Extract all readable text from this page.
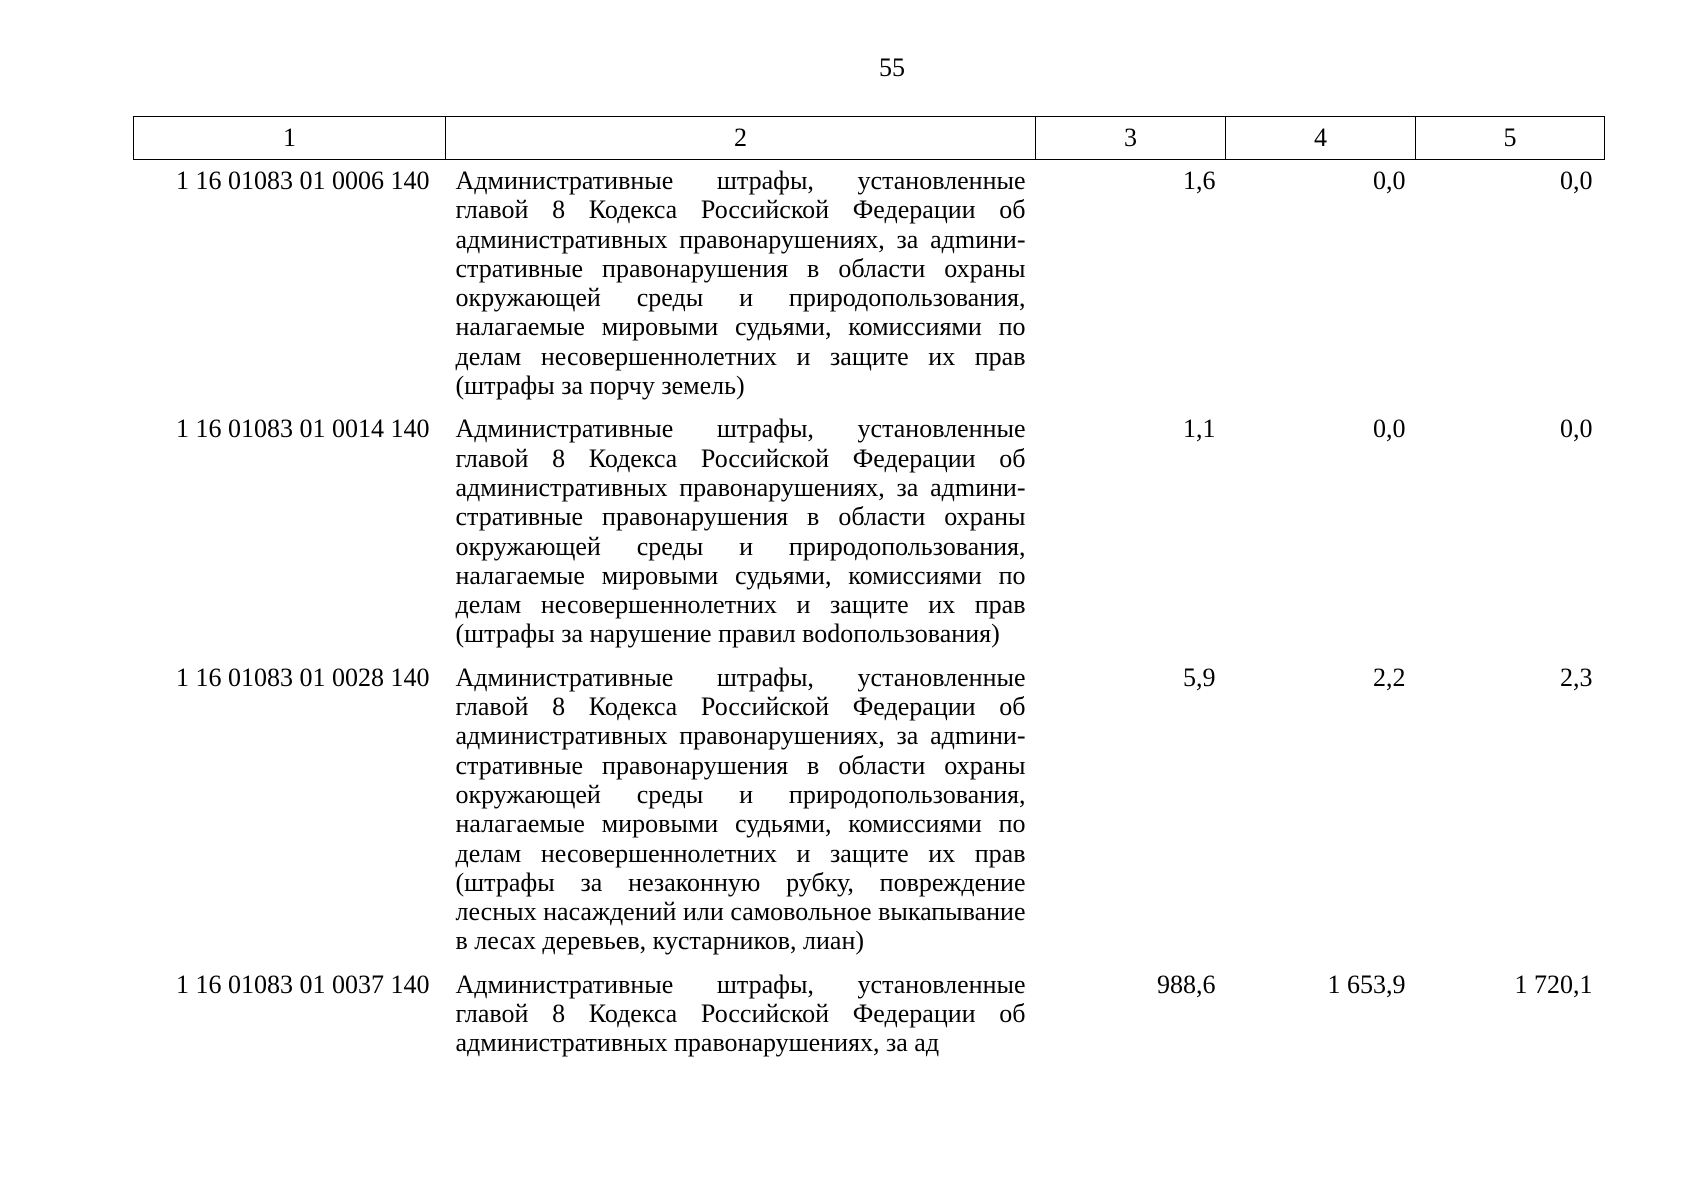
55
1	2	3	4	5
1 16 01083 01 0006 140	Административные штрафы, установленные главой 8 Кодекса Российской Федерации об административных правонарушениях, за адmинистративные правонарушения в области охраны окружающей среды и природопользования, налагаемые мировыми судьями, комиссиями по делам несовершеннолетних и защите их прав (штрафы за порчу земель)	1,6	0,0	0,0
1 16 01083 01 0014 140	Административные штрафы, установленные главой 8 Кодекса Российской Федерации об административных правонарушениях, за адmинистративные правонарушения в области охраны окружающей среды и природопользования, налагаемые мировыми судьями, комиссиями по делам несовершеннолетних и защите их прав (штрафы за нарушение правил воdопользования)	1,1	0,0	0,0
1 16 01083 01 0028 140	Административные штрафы, установленные главой 8 Кодекса Российской Федерации об административных правонарушениях, за адmинистративные правонарушения в области охраны окружающей среды и природопользования, налагаемые мировыми судьями, комиссиями по делам несовершеннолетних и защите их прав (штрафы за незаконную рубку, повреждение лесных насаждений или самовольное выкапывание в лесах деревьев, кустарников, лиан)	5,9	2,2	2,3
1 16 01083 01 0037 140	Административные штрафы, установленные главой 8 Кодекса Российской Федерации об административных правонарушениях, за ад	988,6	1 653,9	1 720,1
